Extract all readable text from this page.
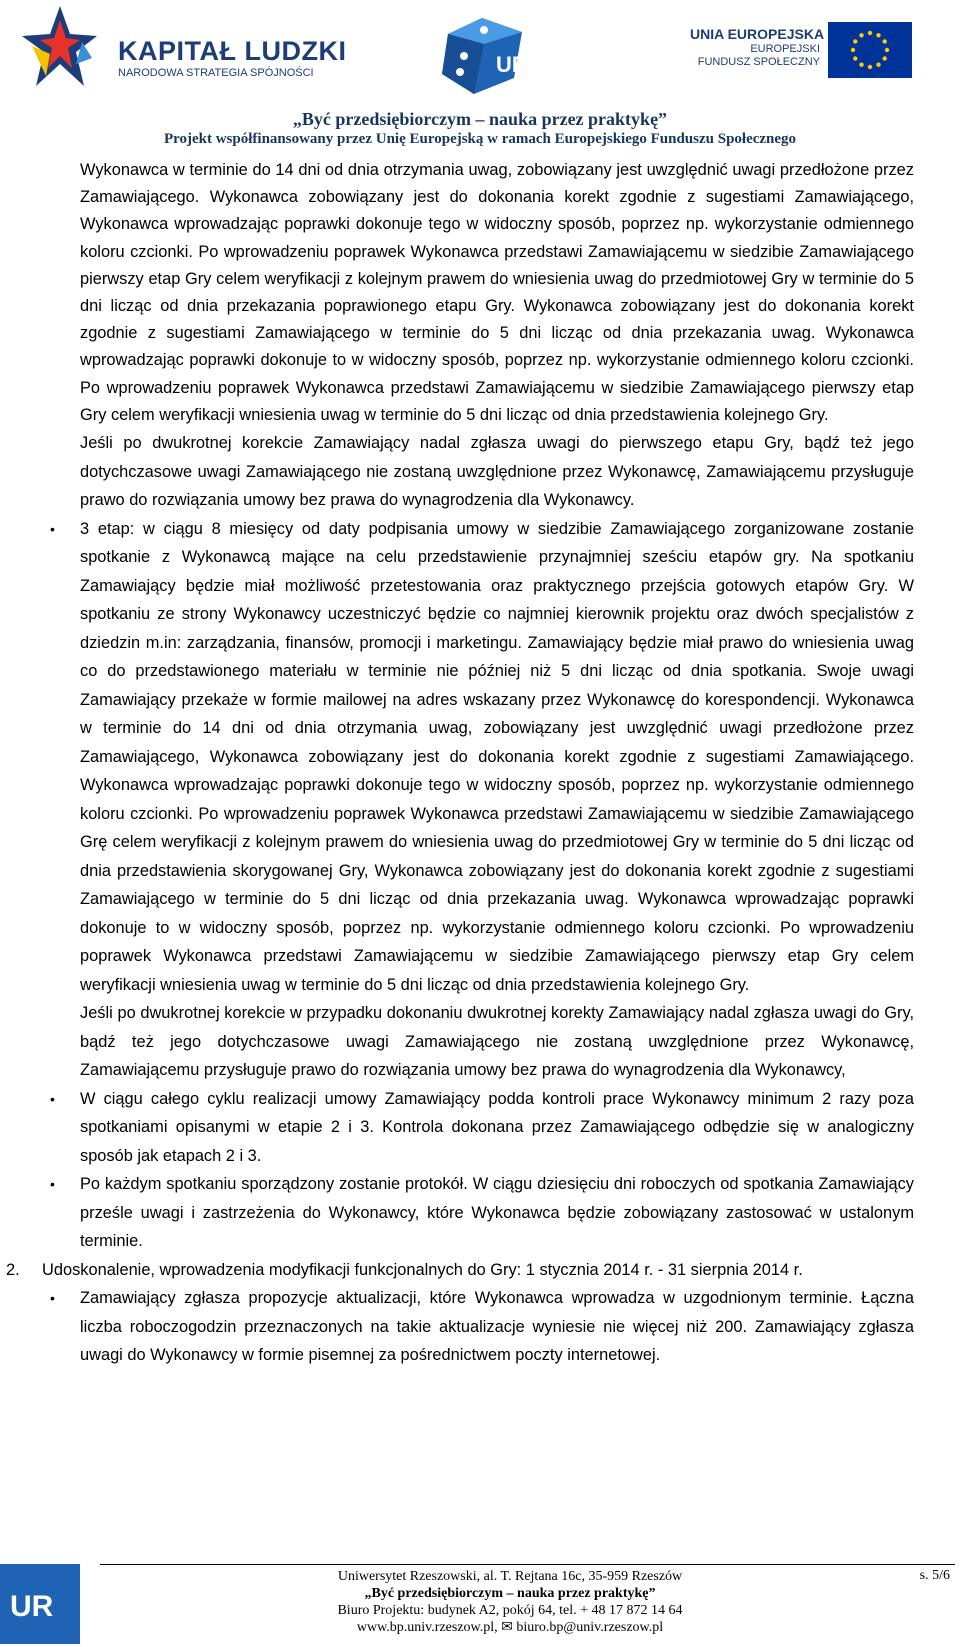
KAPITAŁ LUDZKI
NARODOWA STRATEGIA SPÓJNOŚCI	UR
UNIA EUROPEJSKA
EUROPEJSKI
FUNDUSZ SPOŁECZNY
„Być przedsiębiorczym – nauka przez praktykę”
Projekt współfinansowany przez Unię Europejską w ramach Europejskiego Funduszu Społecznego

Wykonawca w terminie do 14 dni od dnia otrzymania uwag, zobowiązany jest uwzględnić uwagi przedłożone przez Zamawiającego. Wykonawca zobowiązany jest do dokonania korekt zgodnie z sugestiami Zamawiającego, Wykonawca wprowadzając poprawki dokonuje tego w widoczny sposób, poprzez np. wykorzystanie odmiennego koloru czcionki. Po wprowadzeniu poprawek Wykonawca przedstawi Zamawiającemu w siedzibie Zamawiającego pierwszy etap Gry celem weryfikacji z kolejnym prawem do wniesienia uwag do przedmiotowej Gry w terminie do 5 dni licząc od dnia przekazania poprawionego etapu Gry. Wykonawca zobowiązany jest do dokonania korekt zgodnie z sugestiami Zamawiającego w terminie do 5 dni licząc od dnia przekazania uwag. Wykonawca wprowadzając poprawki dokonuje to w widoczny sposób, poprzez np. wykorzystanie odmiennego koloru czcionki. Po wprowadzeniu poprawek Wykonawca przedstawi Zamawiającemu w siedzibie Zamawiającego pierwszy etap Gry celem weryfikacji wniesienia uwag w terminie do 5 dni licząc od dnia przedstawienia kolejnego Gry.

Jeśli po dwukrotnej korekcie Zamawiający nadal zgłasza uwagi do pierwszego etapu Gry, bądź też jego dotychczasowe uwagi Zamawiającego nie zostaną uwzględnione przez Wykonawcę, Zamawiającemu przysługuje prawo do rozwiązania umowy bez prawa do wynagrodzenia dla Wykonawcy.

• 3 etap: w ciągu 8 miesięcy od daty podpisania umowy w siedzibie Zamawiającego zorganizowane zostanie spotkanie z Wykonawcą mające na celu przedstawienie przynajmniej sześciu etapów gry. Na spotkaniu Zamawiający będzie miał możliwość przetestowania oraz praktycznego przejścia gotowych etapów Gry. W spotkaniu ze strony Wykonawcy uczestniczyć będzie co najmniej kierownik projektu oraz dwóch specjalistów z dziedzin m.in: zarządzania, finansów, promocji i marketingu. Zamawiający będzie miał prawo do wniesienia uwag co do przedstawionego materiału w terminie nie później niż 5 dni licząc od dnia spotkania. Swoje uwagi Zamawiający przekaże w formie mailowej na adres wskazany przez Wykonawcę do korespondencji. Wykonawca w terminie do 14 dni od dnia otrzymania uwag, zobowiązany jest uwzględnić uwagi przedłożone przez Zamawiającego, Wykonawca zobowiązany jest do dokonania korekt zgodnie z sugestiami Zamawiającego. Wykonawca wprowadzając poprawki dokonuje tego w widoczny sposób, poprzez np. wykorzystanie odmiennego koloru czcionki. Po wprowadzeniu poprawek Wykonawca przedstawi Zamawiającemu w siedzibie Zamawiającego Grę celem weryfikacji z kolejnym prawem do wniesienia uwag do przedmiotowej Gry w terminie do 5 dni licząc od dnia przedstawienia skorygowanej Gry, Wykonawca zobowiązany jest do dokonania korekt zgodnie z sugestiami Zamawiającego w terminie do 5 dni licząc od dnia przekazania uwag. Wykonawca wprowadzając poprawki dokonuje to w widoczny sposób, poprzez np. wykorzystanie odmiennego koloru czcionki. Po wprowadzeniu poprawek Wykonawca przedstawi Zamawiającemu w siedzibie Zamawiającego pierwszy etap Gry celem weryfikacji wniesienia uwag w terminie do 5 dni licząc od dnia przedstawienia kolejnego Gry.

Jeśli po dwukrotnej korekcie w przypadku dokonaniu dwukrotnej korekty Zamawiający nadal zgłasza uwagi do Gry, bądź też jego dotychczasowe uwagi Zamawiającego nie zostaną uwzględnione przez Wykonawcę, Zamawiającemu przysługuje prawo do rozwiązania umowy bez prawa do wynagrodzenia dla Wykonawcy,

• W ciągu całego cyklu realizacji umowy Zamawiający podda kontroli prace Wykonawcy minimum 2 razy poza spotkaniami opisanymi w etapie 2 i 3. Kontrola dokonana przez Zamawiającego odbędzie się w analogiczny sposób jak etapach 2 i 3.
• Po każdym spotkaniu sporządzony zostanie protokół. W ciągu dziesięciu dni roboczych od spotkania Zamawiający prześle uwagi i zastrzeżenia do Wykonawcy, które Wykonawca będzie zobowiązany zastosować w ustalonym terminie.
2. Udoskonalenie, wprowadzenia modyfikacji funkcjonalnych do Gry: 1 stycznia 2014 r. - 31 sierpnia 2014 r.
• Zamawiający zgłasza propozycje aktualizacji, które Wykonawca wprowadza w uzgodnionym terminie. Łączna liczba roboczogodzin przeznaczonych na takie aktualizacje wyniesie nie więcej niż 200. Zamawiający zgłasza uwagi do Wykonawcy w formie pisemnej za pośrednictwem poczty internetowej.
UR
Uniwersytet Rzeszowski, al. T. Rejtana 16c, 35-959 Rzeszów
„Być przedsiębiorczym – nauka przez praktykę”
Biuro Projektu: budynek A2, pokój 64, tel. + 48 17 872 14 64
www.bp.univ.rzeszow.pl, ✉ biuro.bp@univ.rzeszow.pl
s. 5/6
